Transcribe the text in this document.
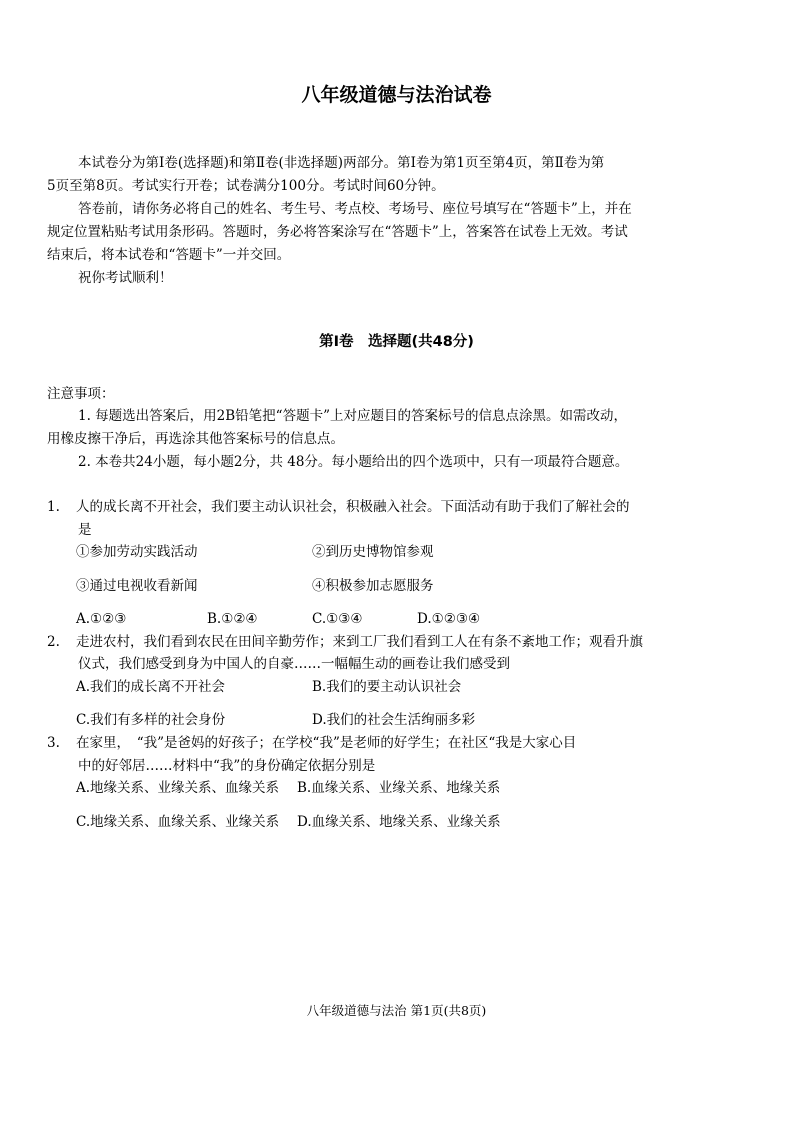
八年级道德与法治试卷
本试卷分为第Ⅰ卷(选择题)和第Ⅱ卷(非选择题)两部分。第Ⅰ卷为第1页至第4页，第Ⅱ卷为第
5页至第8页。考试实行开卷；试卷满分100分。考试时间60分钟。
答卷前，请你务必将自己的姓名、考生号、考点校、考场号、座位号填写在“答题卡”上，并在
规定位置粘贴考试用条形码。答题时，务必将答案涂写在“答题卡”上，答案答在试卷上无效。考试
结束后，将本试卷和“答题卡”一并交回。
祝你考试顺利！
第Ⅰ卷　选择题(共48分)
注意事项：
1. 每题选出答案后，用2B铅笔把“答题卡”上对应题目的答案标号的信息点涂黑。如需改动，
用橡皮擦干净后，再选涂其他答案标号的信息点。
2. 本卷共24小题，每小题2分，共 48分。每小题给出的四个选项中，只有一项最符合题意。
1. 人的成长离不开社会，我们要主动认识社会，积极融入社会。下面活动有助于我们了解社会的
是
①参加劳动实践活动	②到历史博物馆参观
③通过电视收看新闻	④积极参加志愿服务
A.①②③	B.①②④	C.①③④	D.①②③④
2. 走进农村，我们看到农民在田间辛勤劳作；来到工厂我们看到工人在有条不紊地工作；观看升旗
仪式，我们感受到身为中国人的自豪……一幅幅生动的画卷让我们感受到
A.我们的成长离不开社会	B.我们的要主动认识社会
C.我们有多样的社会身份	D.我们的社会生活绚丽多彩
3. 在家里，　“我”是爸妈的好孩子；在学校“我”是老师的好学生；在社区“我是大家心目
中的好邻居……材料中“我”的身份确定依据分别是
A.地缘关系、业缘关系、血缘关系 B.血缘关系、业缘关系、地缘关系
C.地缘关系、血缘关系、业缘关系 D.血缘关系、地缘关系、业缘关系
八年级道德与法治 第1页(共8页)
